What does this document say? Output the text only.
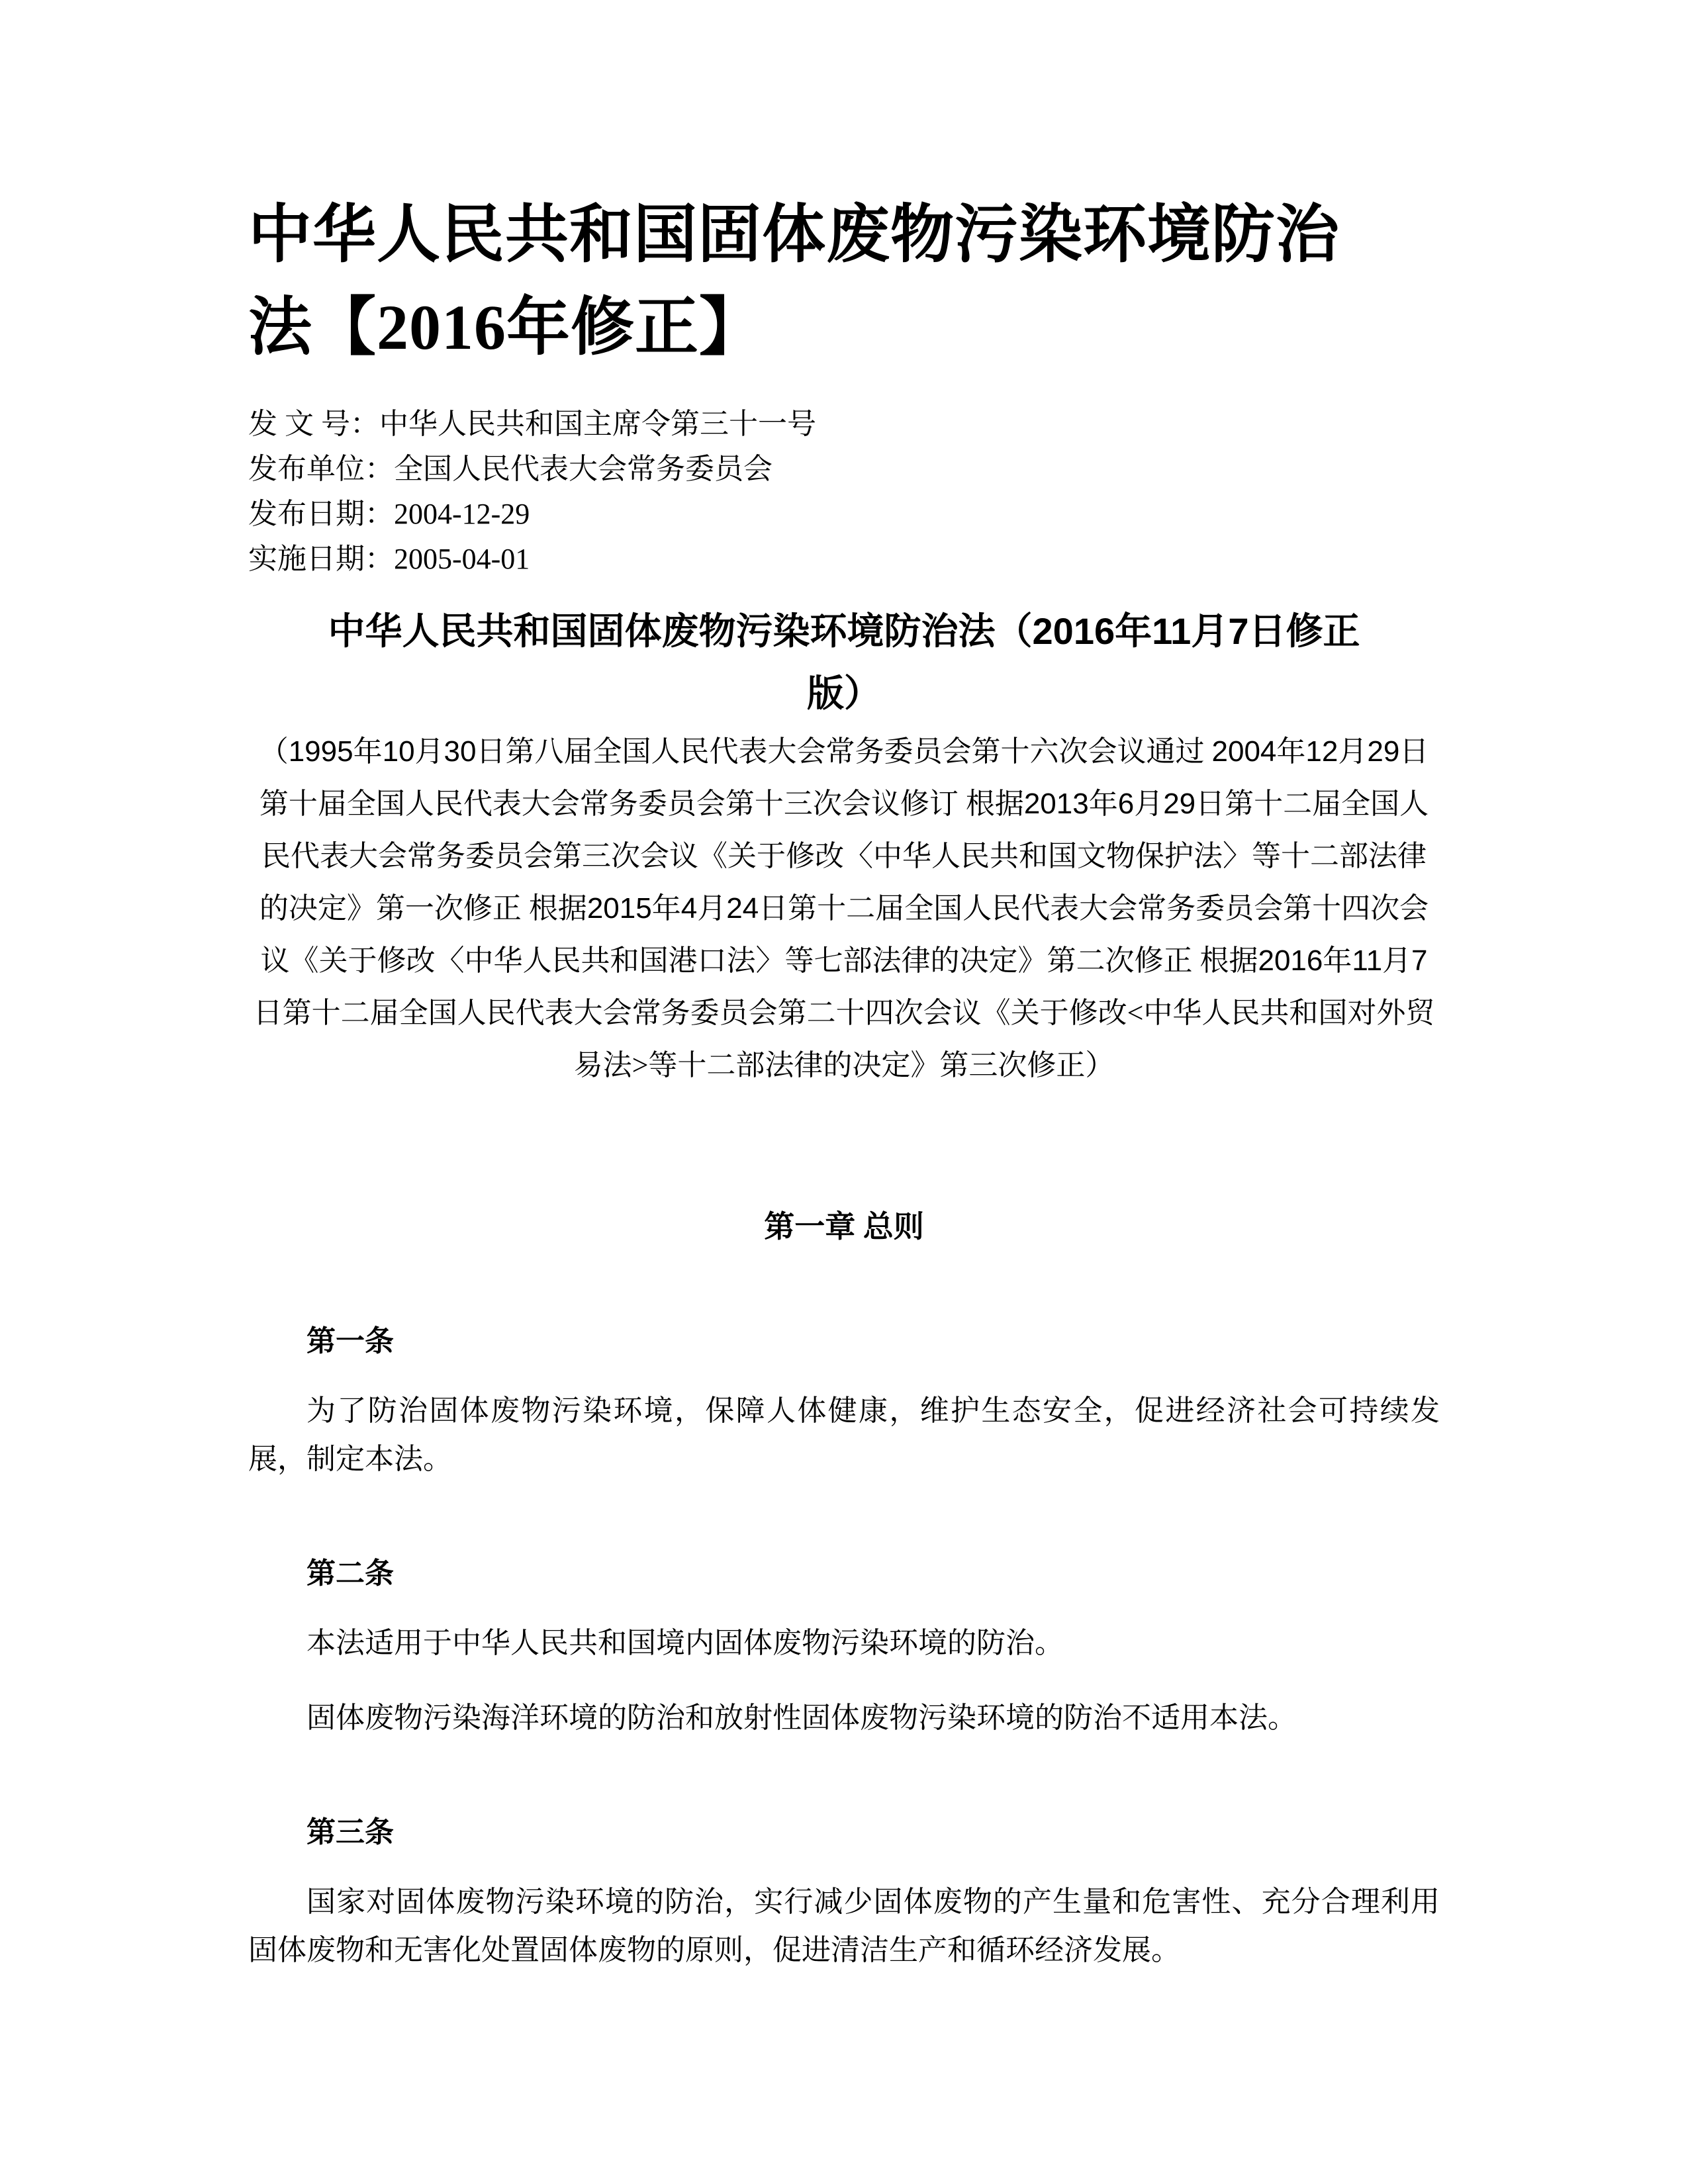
中华人民共和国固体废物污染环境防治
法【2016年修正】
发 文 号：中华人民共和国主席令第三十一号
发布单位：全国人民代表大会常务委员会
发布日期：2004-12-29
实施日期：2005-04-01
中华人民共和国固体废物污染环境防治法（2016年11月7日修正
版）

（1995年10月30日第八届全国人民代表大会常务委员会第十六次会议通过 2004年12月29日第十届全国人民代表大会常务委员会第十三次会议修订 根据2013年6月29日第十二届全国人民代表大会常务委员会第三次会议《关于修改〈中华人民共和国文物保护法〉等十二部法律的决定》第一次修正 根据2015年4月24日第十二届全国人民代表大会常务委员会第十四次会议《关于修改〈中华人民共和国港口法〉等七部法律的决定》第二次修正 根据2016年11月7日第十二届全国人民代表大会常务委员会第二十四次会议《关于修改<中华人民共和国对外贸易法>等十二部法律的决定》第三次修正）

第一章 总则

第一条

为了防治固体废物污染环境，保障人体健康，维护生态安全，促进经济社会可持续发展，制定本法。

第二条

本法适用于中华人民共和国境内固体废物污染环境的防治。

固体废物污染海洋环境的防治和放射性固体废物污染环境的防治不适用本法。

第三条

国家对固体废物污染环境的防治，实行减少固体废物的产生量和危害性、充分合理利用固体废物和无害化处置固体废物的原则，促进清洁生产和循环经济发展。
